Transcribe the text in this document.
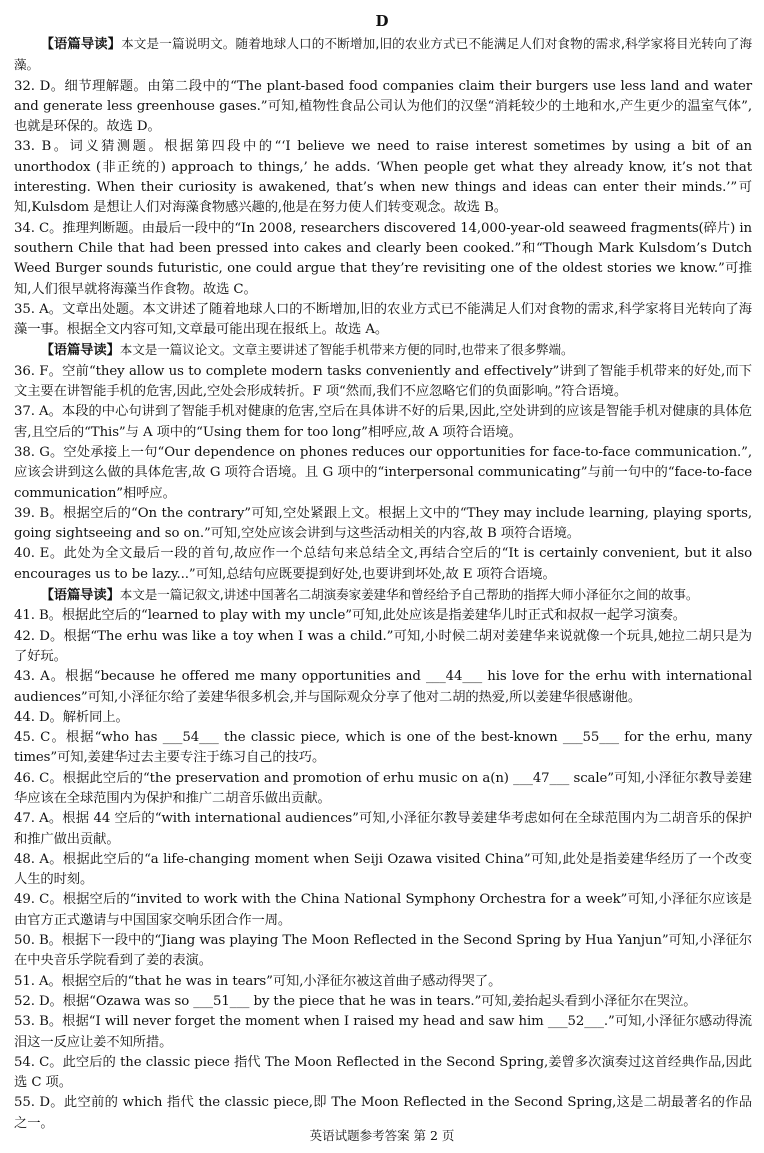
D

【语篇导读】本文是一篇说明文。随着地球人口的不断增加,旧的农业方式已不能满足人们对食物的需求,科学家将目光转向了海藻。

32. D。细节理解题。由第二段中的“The plant-based food companies claim their burgers use less land and water and generate less greenhouse gases.”可知,植物性食品公司认为他们的汉堡“消耗较少的土地和水,产生更少的温室气体”,也就是环保的。故选 D。

33. B。词义猜测题。根据第四段中的“‘I believe we need to raise interest sometimes by using a bit of an unorthodox (非正统的) approach to things,’ he adds. ‘When people get what they already know, it’s not that interesting. When their curiosity is awakened, that’s when new things and ideas can enter their minds.’”可知,Kulsdom 是想让人们对海藻食物感兴趣的,他是在努力使人们转变观念。故选 B。

34. C。推理判断题。由最后一段中的“In 2008, researchers discovered 14,000-year-old seaweed fragments(碎片) in southern Chile that had been pressed into cakes and clearly been cooked.”和“Though Mark Kulsdom’s Dutch Weed Burger sounds futuristic, one could argue that they’re revisiting one of the oldest stories we know.”可推知,人们很早就将海藻当作食物。故选 C。

35. A。文章出处题。本文讲述了随着地球人口的不断增加,旧的农业方式已不能满足人们对食物的需求,科学家将目光转向了海藻一事。根据全文内容可知,文章最可能出现在报纸上。故选 A。

【语篇导读】本文是一篇议论文。文章主要讲述了智能手机带来方便的同时,也带来了很多弊端。

36. F。空前“they allow us to complete modern tasks conveniently and effectively”讲到了智能手机带来的好处,而下文主要在讲智能手机的危害,因此,空处会形成转折。F 项“然而,我们不应忽略它们的负面影响。”符合语境。

37. A。本段的中心句讲到了智能手机对健康的危害,空后在具体讲不好的后果,因此,空处讲到的应该是智能手机对健康的具体危害,且空后的“This”与 A 项中的“Using them for too long”相呼应,故 A 项符合语境。

38. G。空处承接上一句“Our dependence on phones reduces our opportunities for face-to-face communication.”,应该会讲到这么做的具体危害,故 G 项符合语境。且 G 项中的“interpersonal communicating”与前一句中的“face-to-face communication”相呼应。

39. B。根据空后的“On the contrary”可知,空处紧跟上文。根据上文中的“They may include learning, playing sports, going sightseeing and so on.”可知,空处应该会讲到与这些活动相关的内容,故 B 项符合语境。

40. E。此处为全文最后一段的首句,故应作一个总结句来总结全文,再结合空后的“It is certainly convenient, but it also encourages us to be lazy...”可知,总结句应既要提到好处,也要讲到坏处,故 E 项符合语境。

【语篇导读】本文是一篇记叙文,讲述中国著名二胡演奏家姜建华和曾经给予自己帮助的指挥大师小泽征尔之间的故事。

41. B。根据此空后的“learned to play with my uncle”可知,此处应该是指姜建华儿时正式和叔叔一起学习演奏。

42. D。根据“The erhu was like a toy when I was a child.”可知,小时候二胡对姜建华来说就像一个玩具,她拉二胡只是为了好玩。

43. A。根据“because he offered me many opportunities and ___44___ his love for the erhu with international audiences”可知,小泽征尔给了姜建华很多机会,并与国际观众分享了他对二胡的热爱,所以姜建华很感谢他。

44. D。解析同上。

45. C。根据“who has ___54___ the classic piece, which is one of the best-known ___55___ for the erhu, many times”可知,姜建华过去主要专注于练习自己的技巧。

46. C。根据此空后的“the preservation and promotion of erhu music on a(n) ___47___ scale”可知,小泽征尔教导姜建华应该在全球范围内为保护和推广二胡音乐做出贡献。

47. A。根据 44 空后的“with international audiences”可知,小泽征尔教导姜建华考虑如何在全球范围内为二胡音乐的保护和推广做出贡献。

48. A。根据此空后的“a life-changing moment when Seiji Ozawa visited China”可知,此处是指姜建华经历了一个改变人生的时刻。

49. C。根据空后的“invited to work with the China National Symphony Orchestra for a week”可知,小泽征尔应该是由官方正式邀请与中国国家交响乐团合作一周。

50. B。根据下一段中的“Jiang was playing The Moon Reflected in the Second Spring by Hua Yanjun”可知,小泽征尔在中央音乐学院看到了姜的表演。

51. A。根据空后的“that he was in tears”可知,小泽征尔被这首曲子感动得哭了。

52. D。根据“Ozawa was so ___51___ by the piece that he was in tears.”可知,姜抬起头看到小泽征尔在哭泣。

53. B。根据“I will never forget the moment when I raised my head and saw him ___52___.”可知,小泽征尔感动得流泪这一反应让姜不知所措。

54. C。此空后的 the classic piece 指代 The Moon Reflected in the Second Spring,姜曾多次演奏过这首经典作品,因此选 C 项。

55. D。此空前的 which 指代 the classic piece,即 The Moon Reflected in the Second Spring,这是二胡最著名的作品之一。

英语试题参考答案 第 2 页
